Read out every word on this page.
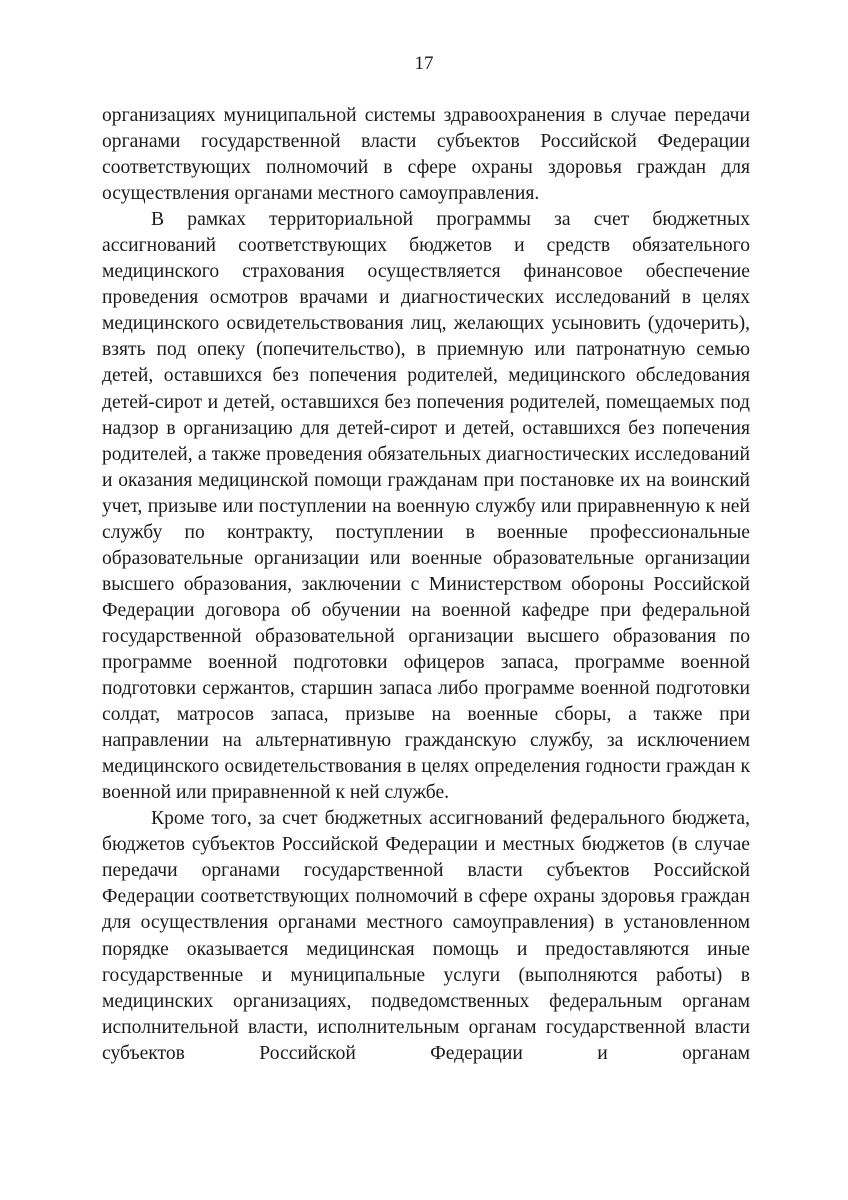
17

организациях муниципальной системы здравоохранения в случае передачи органами государственной власти субъектов Российской Федерации соответствующих полномочий в сфере охраны здоровья граждан для осуществления органами местного самоуправления.

В рамках территориальной программы за счет бюджетных ассигнований соответствующих бюджетов и средств обязательного медицинского страхования осуществляется финансовое обеспечение проведения осмотров врачами и диагностических исследований в целях медицинского освидетельствования лиц, желающих усыновить (удочерить), взять под опеку (попечительство), в приемную или патронатную семью детей, оставшихся без попечения родителей, медицинского обследования детей-сирот и детей, оставшихся без попечения родителей, помещаемых под надзор в организацию для детей-сирот и детей, оставшихся без попечения родителей, а также проведения обязательных диагностических исследований и оказания медицинской помощи гражданам при постановке их на воинский учет, призыве или поступлении на военную службу или приравненную к ней службу по контракту, поступлении в военные профессиональные образовательные организации или военные образовательные организации высшего образования, заключении с Министерством обороны Российской Федерации договора об обучении на военной кафедре при федеральной государственной образовательной организации высшего образования по программе военной подготовки офицеров запаса, программе военной подготовки сержантов, старшин запаса либо программе военной подготовки солдат, матросов запаса, призыве на военные сборы, а также при направлении на альтернативную гражданскую службу, за исключением медицинского освидетельствования в целях определения годности граждан к военной или приравненной к ней службе.

Кроме того, за счет бюджетных ассигнований федерального бюджета, бюджетов субъектов Российской Федерации и местных бюджетов (в случае передачи органами государственной власти субъектов Российской Федерации соответствующих полномочий в сфере охраны здоровья граждан для осуществления органами местного самоуправления) в установленном порядке оказывается медицинская помощь и предоставляются иные государственные и муниципальные услуги (выполняются работы) в медицинских организациях, подведомственных федеральным органам исполнительной власти, исполнительным органам государственной власти субъектов Российской Федерации и органам
